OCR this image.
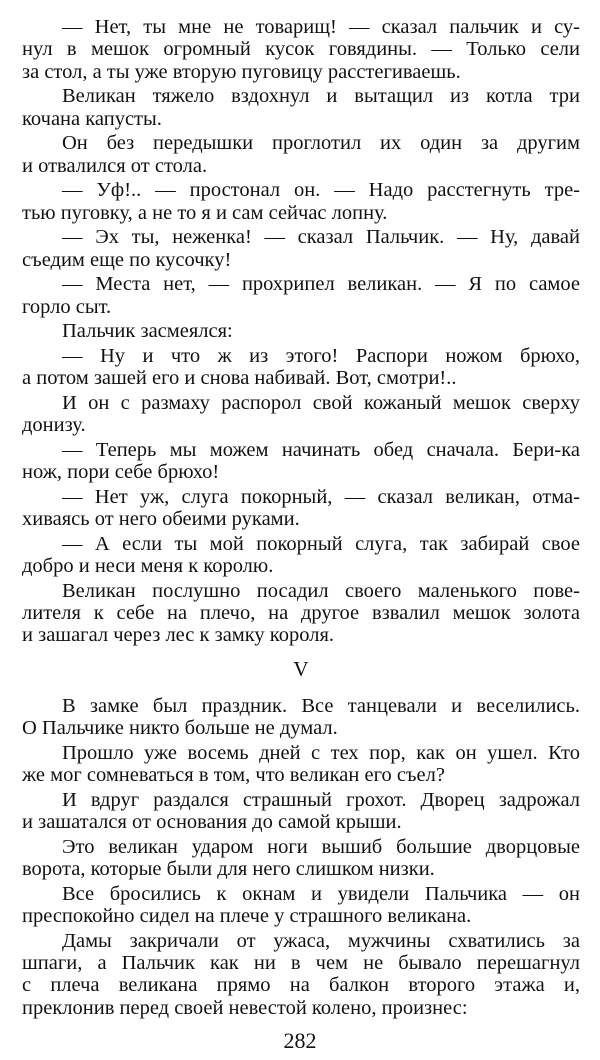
— Нет, ты мне не товарищ! — сказал пальчик и су-
нул в мешок огромный кусок говядины. — Только сели
за стол, а ты уже вторую пуговицу расстегиваешь.
Великан тяжело вздохнул и вытащил из котла три
кочана капусты.
Он без передышки проглотил их один за другим
и отвалился от стола.
— Уф!.. — простонал он. — Надо расстегнуть тре-
тью пуговку, а не то я и сам сейчас лопну.
— Эх ты, неженка! — сказал Пальчик. — Ну, давай
съедим еще по кусочку!
— Места нет, — прохрипел великан. — Я по самое
горло сыт.
Пальчик засмеялся:
— Ну и что ж из этого! Распори ножом брюхо,
а потом зашей его и снова набивай. Вот, смотри!..
И он с размаху распорол свой кожаный мешок сверху
донизу.
— Теперь мы можем начинать обед сначала. Бери-ка
нож, пори себе брюхо!
— Нет уж, слуга покорный, — сказал великан, отма-
хиваясь от него обеими руками.
— А если ты мой покорный слуга, так забирай свое
добро и неси меня к королю.
Великан послушно посадил своего маленького пове-
лителя к себе на плечо, на другое взвалил мешок золота
и зашагал через лес к замку короля.
V
В замке был праздник. Все танцевали и веселились.
О Пальчике никто больше не думал.
Прошло уже восемь дней с тех пор, как он ушел. Кто
же мог сомневаться в том, что великан его съел?
И вдруг раздался страшный грохот. Дворец задрожал
и зашатался от основания до самой крыши.
Это великан ударом ноги вышиб большие дворцовые
ворота, которые были для него слишком низки.
Все бросились к окнам и увидели Пальчика — он
преспокойно сидел на плече у страшного великана.
Дамы закричали от ужаса, мужчины схватились за
шпаги, а Пальчик как ни в чем не бывало перешагнул
с плеча великана прямо на балкон второго этажа и,
преклонив перед своей невестой колено, произнес:
282
